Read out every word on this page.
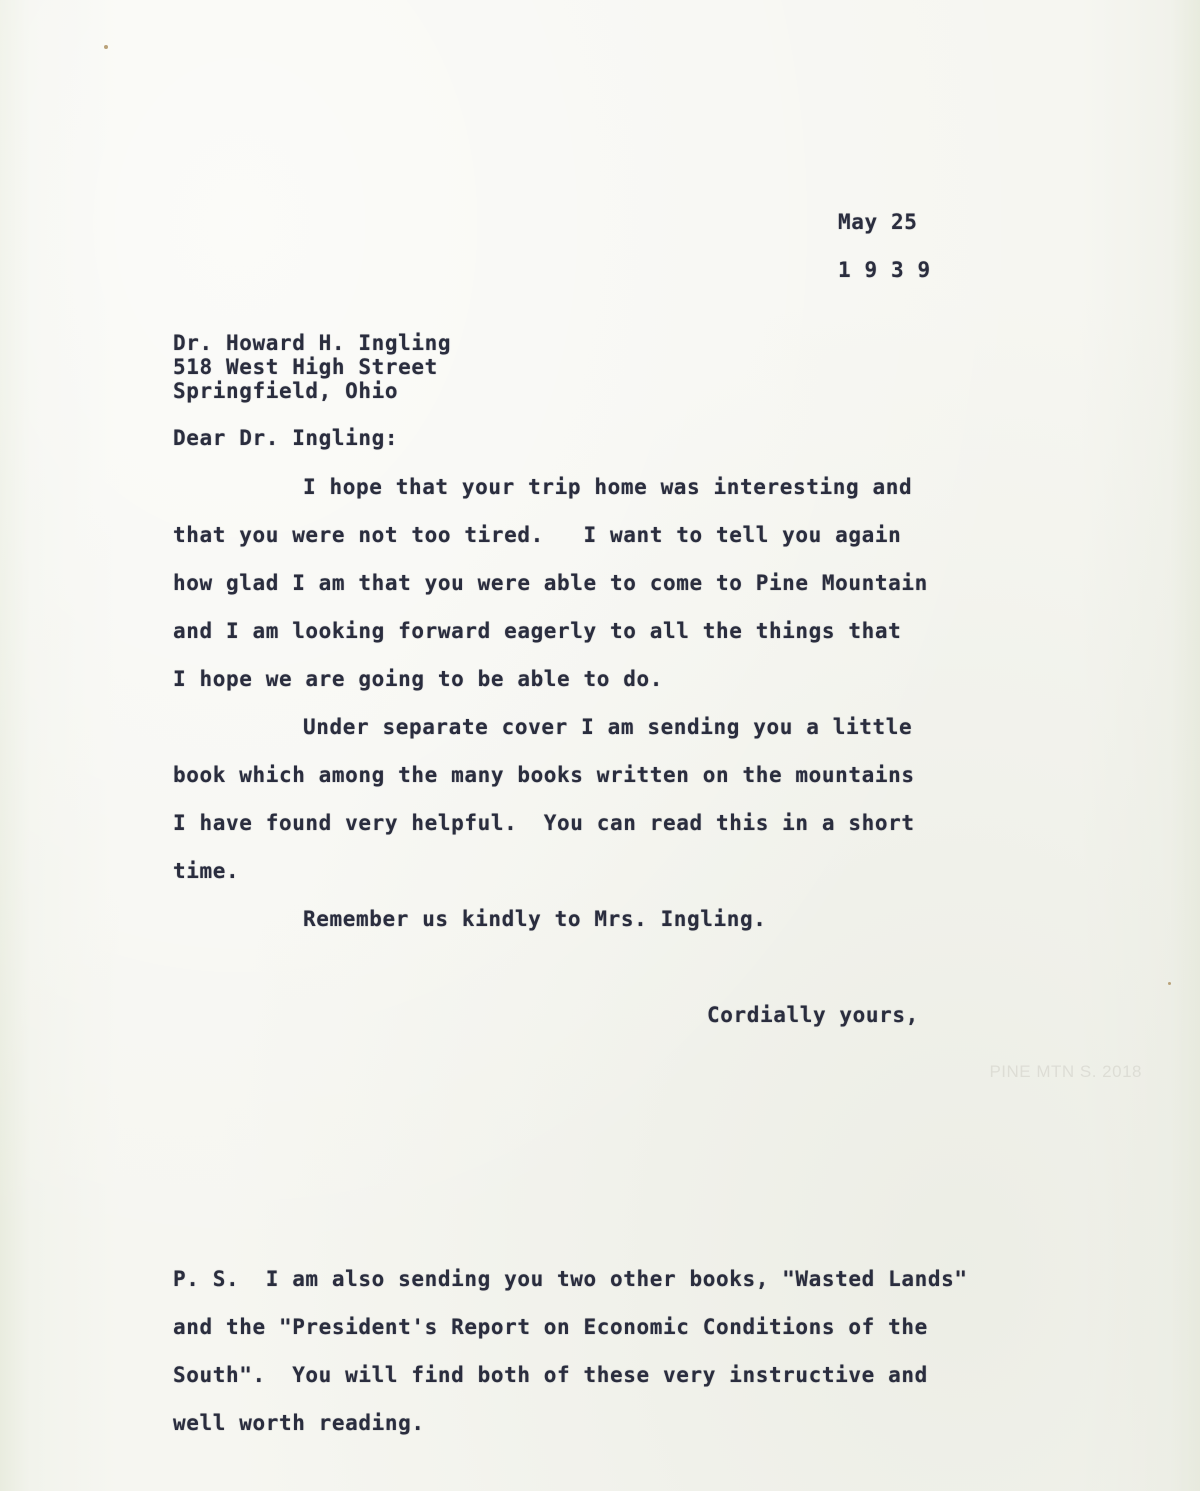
May 25

1 9 3 9

Dr. Howard H. Ingling

518 West High Street

Springfield, Ohio

Dear Dr. Ingling:

I hope that your trip home was interesting and

that you were not too tired.   I want to tell you again

how glad I am that you were able to come to Pine Mountain

and I am looking forward eagerly to all the things that

I hope we are going to be able to do.

Under separate cover I am sending you a little

book which among the many books written on the mountains

I have found very helpful.  You can read this in a short

time.

Remember us kindly to Mrs. Ingling.

Cordially yours,

P. S.  I am also sending you two other books, "Wasted Lands"

and the "President's Report on Economic Conditions of the

South".  You will find both of these very instructive and

well worth reading.

PINE MTN S. 2018
